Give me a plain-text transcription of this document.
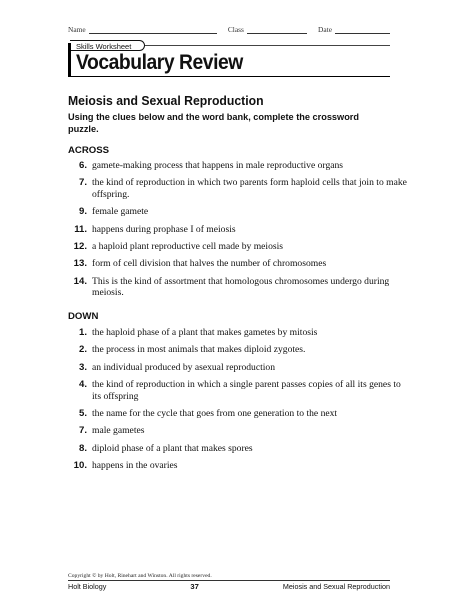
Name	Class	Date
Skills Worksheet
Vocabulary Review
Meiosis and Sexual Reproduction
Using the clues below and the word bank, complete the crossword puzzle.
ACROSS
6. gamete-making process that happens in male reproductive organs
7. the kind of reproduction in which two parents form haploid cells that join to make offspring.
9. female gamete
11. happens during prophase I of meiosis
12. a haploid plant reproductive cell made by meiosis
13. form of cell division that halves the number of chromosomes
14. This is the kind of assortment that homologous chromosomes undergo during meiosis.
DOWN
1. the haploid phase of a plant that makes gametes by mitosis
2. the process in most animals that makes diploid zygotes.
3. an individual produced by asexual reproduction
4. the kind of reproduction in which a single parent passes copies of all its genes to its offspring
5. the name for the cycle that goes from one generation to the next
7. male gametes
8. diploid phase of a plant that makes spores
10. happens in the ovaries
Copyright © by Holt, Rinehart and Winston. All rights reserved.
Holt Biology	37	Meiosis and Sexual Reproduction
